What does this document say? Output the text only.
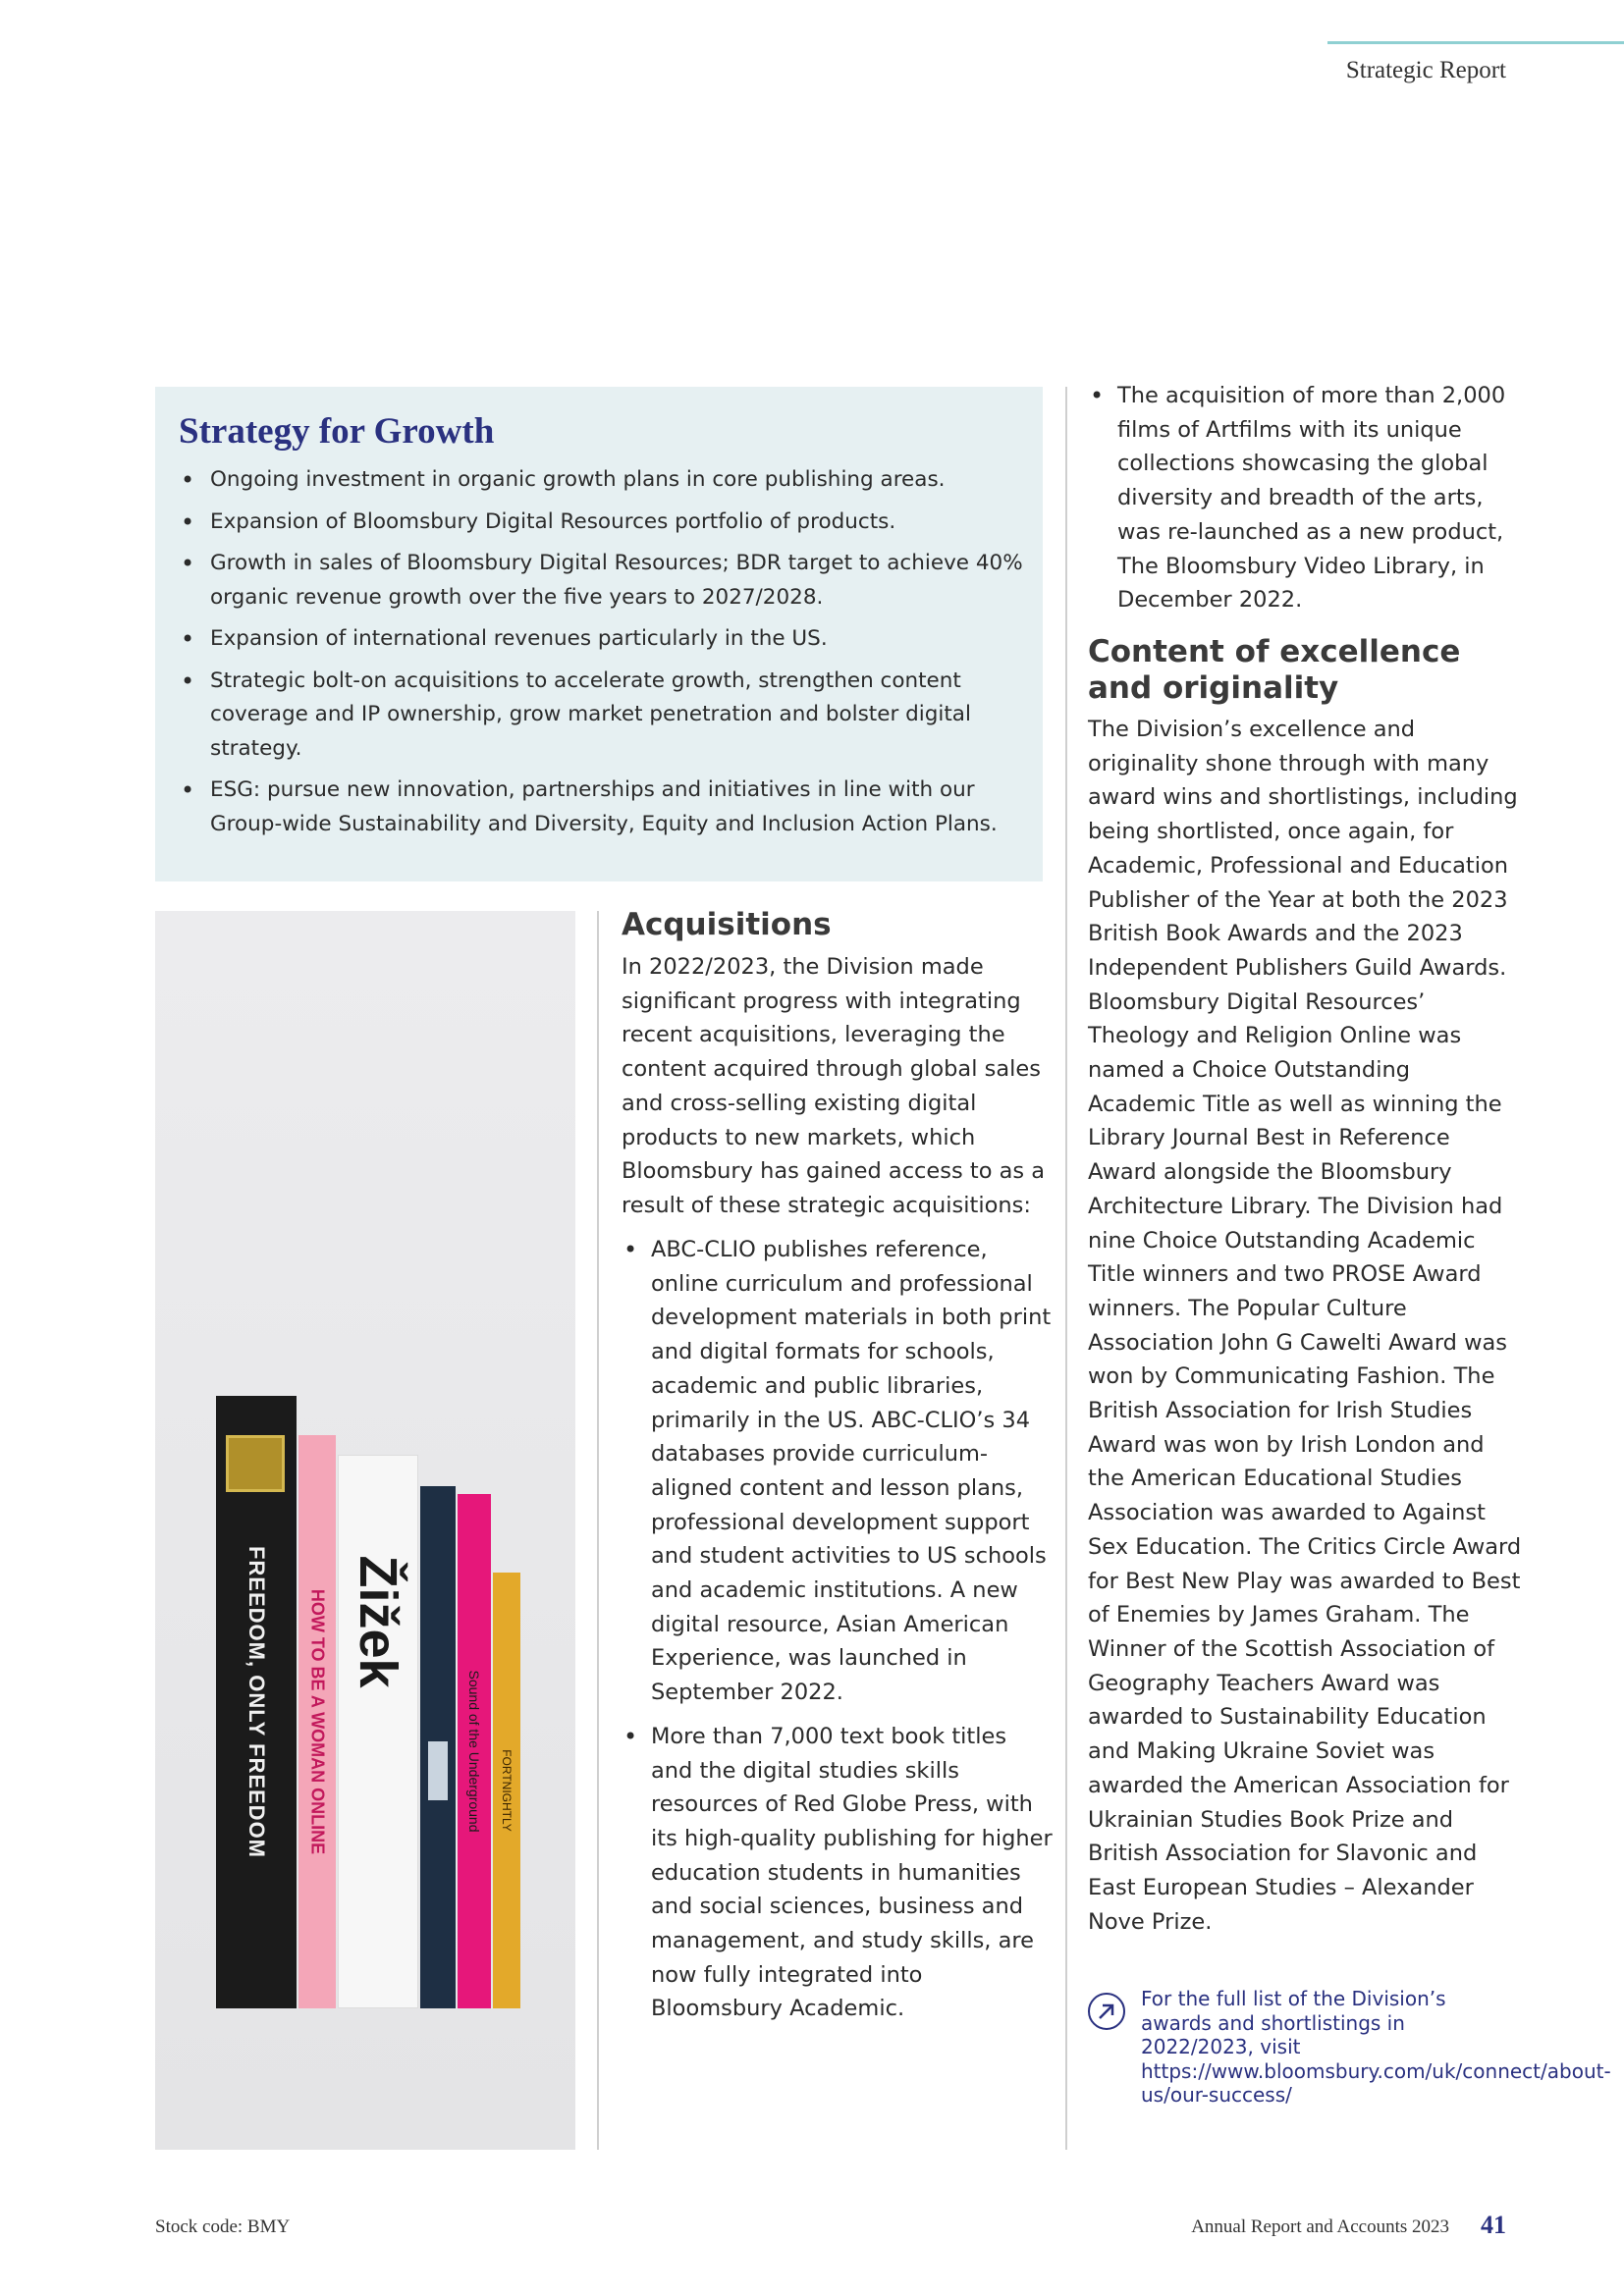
Strategic Report
Strategy for Growth
• Ongoing investment in organic growth plans in core publishing areas.
• Expansion of Bloomsbury Digital Resources portfolio of products.
• Growth in sales of Bloomsbury Digital Resources; BDR target to achieve 40% organic revenue growth over the five years to 2027/2028.
• Expansion of international revenues particularly in the US.
• Strategic bolt-on acquisitions to accelerate growth, strengthen content coverage and IP ownership, grow market penetration and bolster digital strategy.
• ESG: pursue new innovation, partnerships and initiatives in line with our Group-wide Sustainability and Diversity, Equity and Inclusion Action Plans.
FREEDOM, ONLY FREEDOM HOW TO BE A WOMAN ONLINE Žižek
Sound of the Underground FORTNIGHTLY
Acquisitions

In 2022/2023, the Division made significant progress with integrating recent acquisitions, leveraging the content acquired through global sales and cross-selling existing digital products to new markets, which Bloomsbury has gained access to as a result of these strategic acquisitions:

• ABC-CLIO publishes reference, online curriculum and professional development materials in both print and digital formats for schools, academic and public libraries, primarily in the US. ABC-CLIO’s 34 databases provide curriculum-aligned content and lesson plans, professional development support and student activities to US schools and academic institutions. A new digital resource, Asian American Experience, was launched in September 2022.
• More than 7,000 text book titles and the digital studies skills resources of Red Globe Press, with its high-quality publishing for higher education students in humanities and social sciences, business and management, and study skills, are now fully integrated into Bloomsbury Academic.
• The acquisition of more than 2,000 films of Artfilms with its unique collections showcasing the global diversity and breadth of the arts, was re-launched as a new product, The Bloomsbury Video Library, in December 2022.
Content of excellence and originality

The Division’s excellence and originality shone through with many award wins and shortlistings, including being shortlisted, once again, for Academic, Professional and Education Publisher of the Year at both the 2023 British Book Awards and the 2023 Independent Publishers Guild Awards. Bloomsbury Digital Resources’ Theology and Religion Online was named a Choice Outstanding Academic Title as well as winning the Library Journal Best in Reference Award alongside the Bloomsbury Architecture Library. The Division had nine Choice Outstanding Academic Title winners and two PROSE Award winners. The Popular Culture Association John G Cawelti Award was won by Communicating Fashion. The British Association for Irish Studies Award was won by Irish London and the American Educational Studies Association was awarded to Against Sex Education. The Critics Circle Award for Best New Play was awarded to Best of Enemies by James Graham. The Winner of the Scottish Association of Geography Teachers Award was awarded to Sustainability Education and Making Ukraine Soviet was awarded the American Association for Ukrainian Studies Book Prize and British Association for Slavonic and East European Studies – Alexander Nove Prize.

For the full list of the Division’s awards and shortlistings in 2022/2023, visit https://www.bloomsbury.com/uk/connect/about-us/our-success/

Stock code: BMY	Annual Report and Accounts 2023 41
